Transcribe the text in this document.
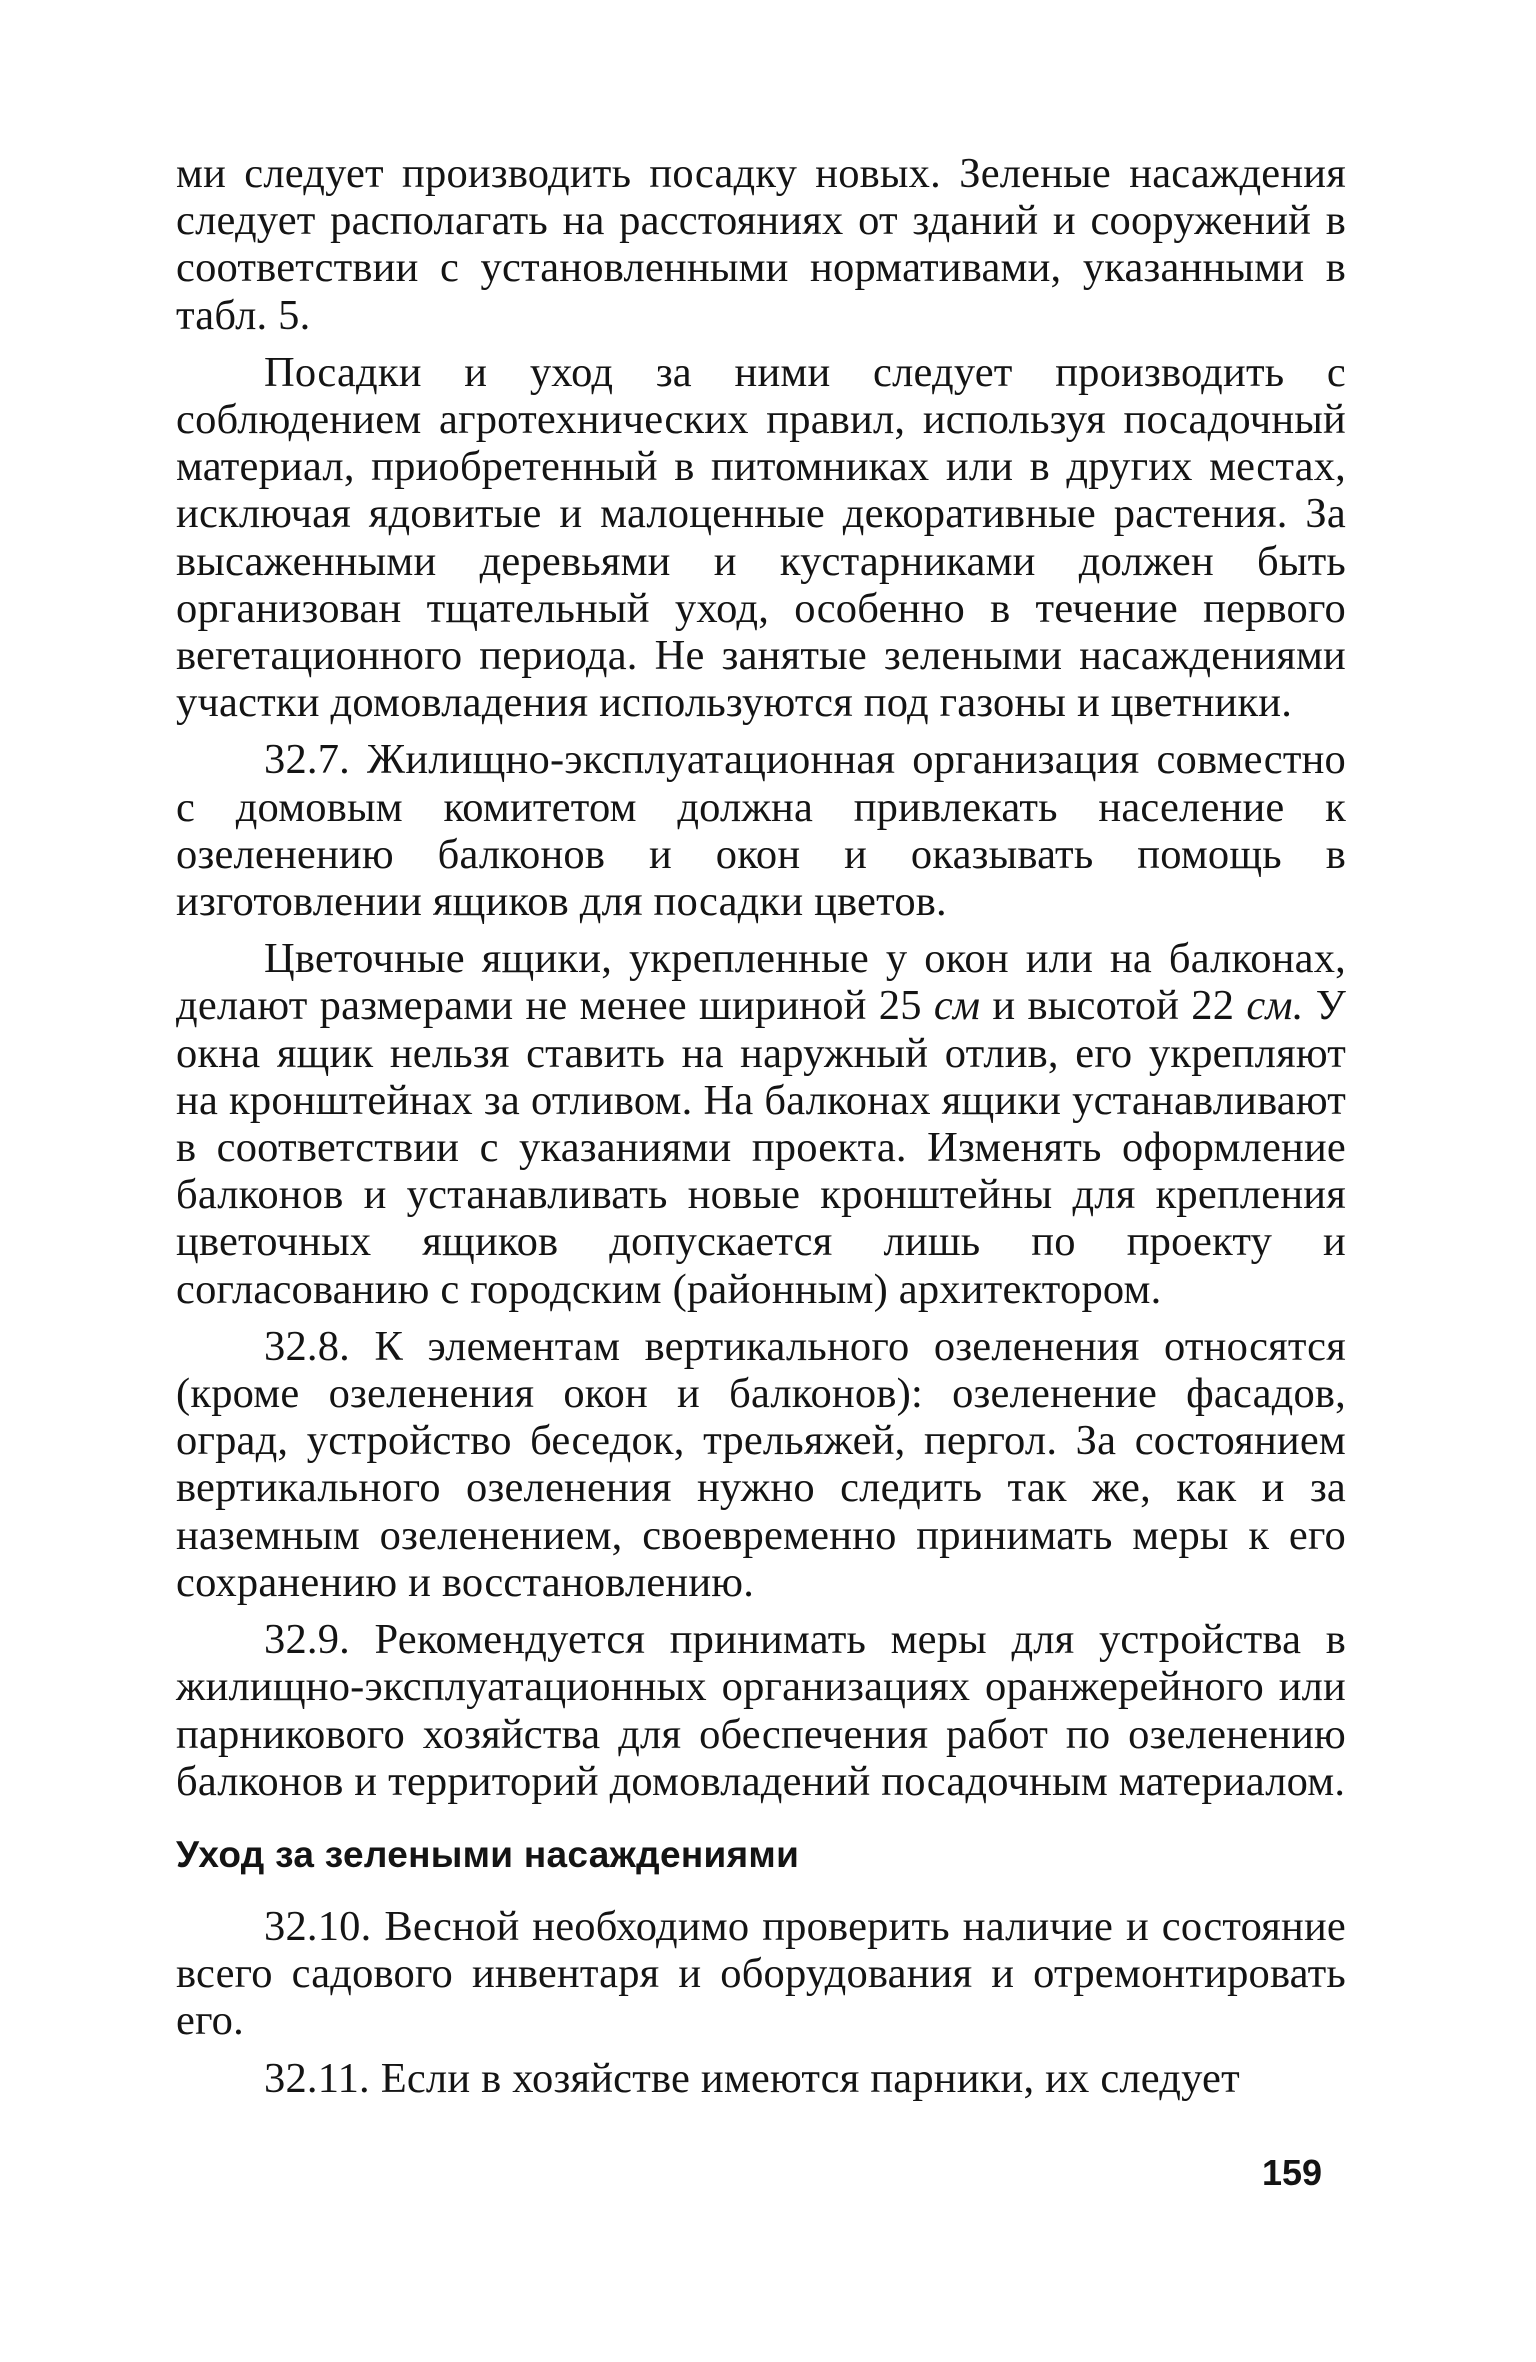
ми следует производить посадку новых. Зеленые насаждения следует располагать на расстояниях от зданий и сооружений в соответствии с установленными нормативами, указанными в табл. 5.

Посадки и уход за ними следует производить с соблюдением агротехнических правил, используя посадочный материал, приобретенный в питомниках или в других местах, исключая ядовитые и малоценные декоративные растения. За высаженными деревьями и кустарниками должен быть организован тщательный уход, особенно в течение первого вегетационного периода. Не занятые зелеными насаждениями участки домовладения используются под газоны и цветники.

32.7. Жилищно-эксплуатационная организация совместно с домовым комитетом должна привлекать население к озеленению балконов и окон и оказывать помощь в изготовлении ящиков для посадки цветов.

Цветочные ящики, укрепленные у окон или на балконах, делают размерами не менее шириной 25 см и высотой 22 см. У окна ящик нельзя ставить на наружный отлив, его укрепляют на кронштейнах за отливом. На балконах ящики устанавливают в соответствии с указаниями проекта. Изменять оформление балконов и устанавливать новые кронштейны для крепления цветочных ящиков допускается лишь по проекту и согласованию с городским (районным) архитектором.

32.8. К элементам вертикального озеленения относятся (кроме озеленения окон и балконов): озеленение фасадов, оград, устройство беседок, трельяжей, пергол. За состоянием вертикального озеленения нужно следить так же, как и за наземным озеленением, своевременно принимать меры к его сохранению и восстановлению.

32.9. Рекомендуется принимать меры для устройства в жилищно-эксплуатационных организациях оранжерейного или парникового хозяйства для обеспечения работ по озеленению балконов и территорий домовладений посадочным материалом.

Уход за зелеными насаждениями

32.10. Весной необходимо проверить наличие и состояние всего садового инвентаря и оборудования и отремонтировать его.

32.11. Если в хозяйстве имеются парники, их следует

159
